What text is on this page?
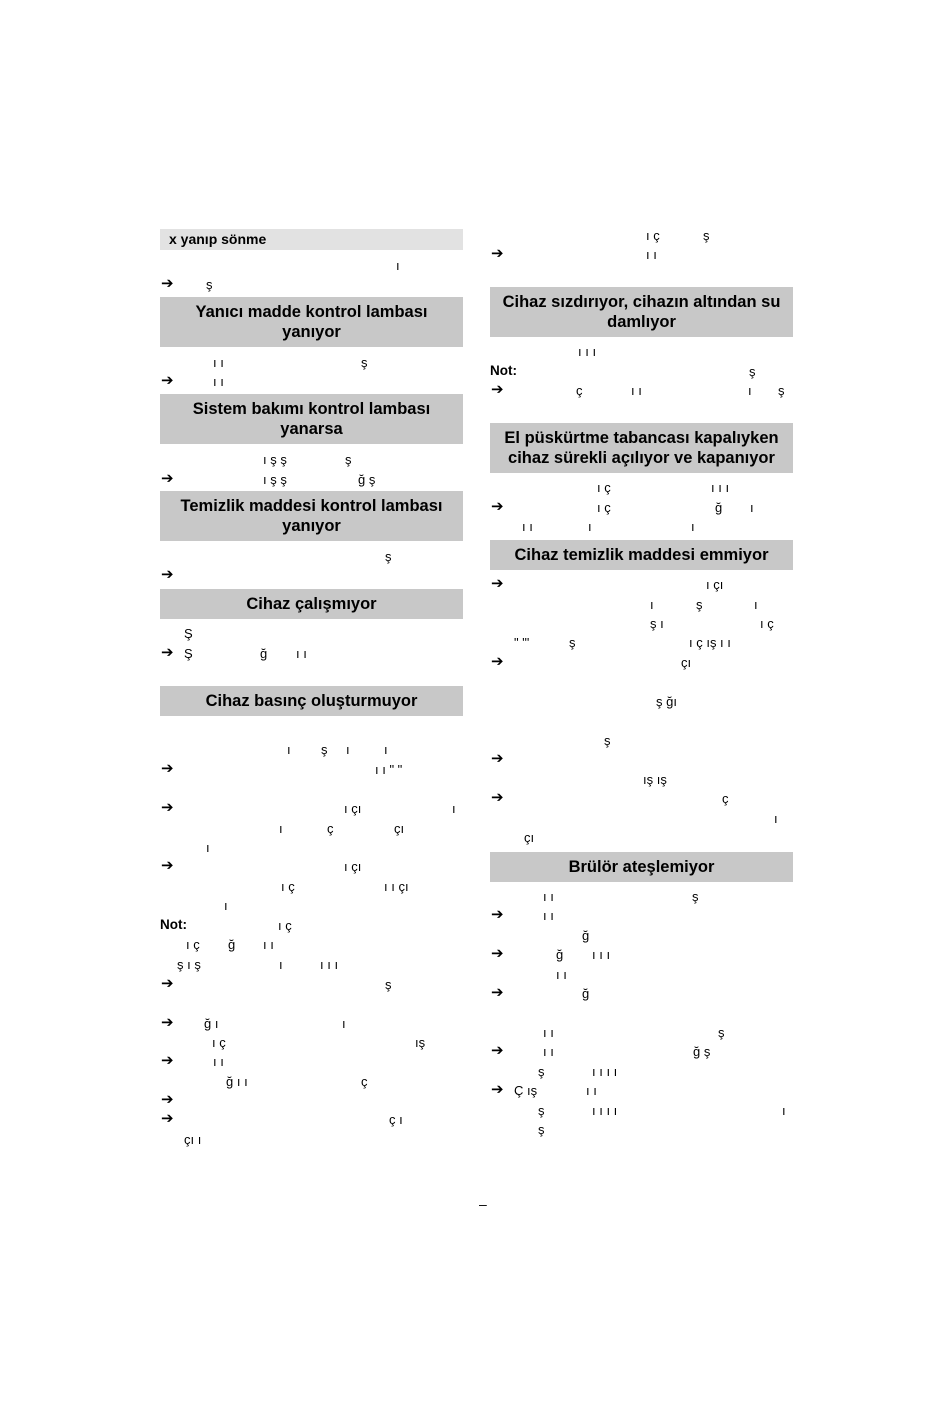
x yanıp sönme
ı
➔ ş
Yanıcı madde kontrol lambası yanıyor
ı ı	ş
➔	ı ı
Sistem bakımı kontrol lambası yanarsa
ı ş ş	ş
➔	ı ş ş	ğ ş
Temizlik maddesi kontrol lambası yanıyor
ş
➔
Cihaz çalışmıyor
Ş
➔ Ş	ğ ı ı
Cihaz basınç oluşturmuyor
ı ş ı	ı
➔	ı ı " "
➔	ı çı	ı
ı	ç	çı
ı
➔	ı çı
ı ç	ı ı çı
ı
Not:	ı ç
ı ç ğ ı ı
ş ı ş	ı	ı ı ı
➔	ş
➔ ğ ı	ı
ı ç	ış
➔	ı ı
ğ ı ı	ç
➔
➔	ç ı
çı ı
ı ç	ş
➔	ı ı
Cihaz sızdırıyor, cihazın altından su damlıyor
ı ı ı
Not:	ş
➔	ç	ı ı	ı ş
El püskürtme tabancası kapalıyken cihaz sürekli açılıyor ve kapanıyor
ı ç	ı ı ı
➔	ı ç	ğ ı
ı ı	ı	ı
Cihaz temizlik maddesi emmiyor
➔	ı çı
ı	ş	ı
ş ı	ı ç
" "'	ş	ı ç ış ı ı
➔	çı
ş ğı
ş
➔
ış ış
➔	ç
ı
çı
Brülör ateşlemiyor
ı ı	ş
➔	ı ı
ğ
➔	ğ ı ı ı
ı ı
➔	ğ
ı ı	ş
➔	ı ı	ğ ş
ş	ı ı ı ı
➔ Ç ış	ı ı
ş	ı ı ı ı	ı
ş
–
